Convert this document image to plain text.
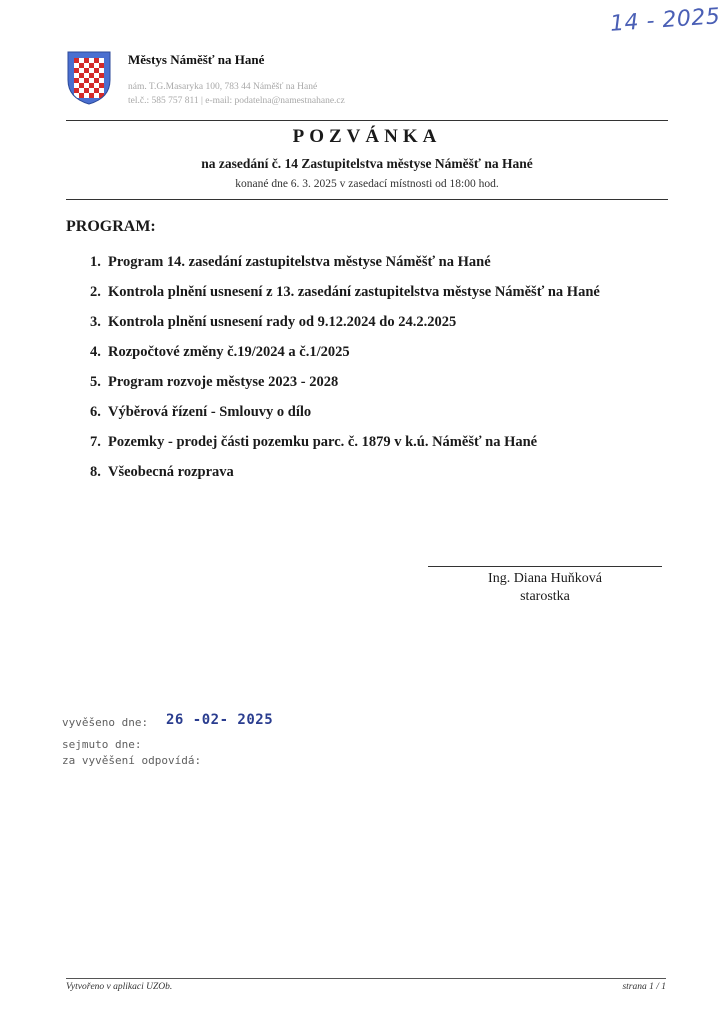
14 - 2025
Městys Náměšť na Hané
nám. T.G.Masaryka 100, 783 44 Náměšť na Hané
tel.č.: 585 757 811 | e-mail: podatelna@namestnahane.cz
POZVÁNKA
na zasedání č. 14 Zastupitelstva městyse Náměšť na Hané
konané dne 6. 3. 2025 v zasedací místnosti od 18:00 hod.
PROGRAM:
1. Program 14. zasedání zastupitelstva městyse Náměšť na Hané
2. Kontrola plnění usnesení z 13. zasedání zastupitelstva městyse Náměšť na Hané
3. Kontrola plnění usnesení rady od 9.12.2024 do 24.2.2025
4. Rozpočtové změny č.19/2024 a č.1/2025
5. Program rozvoje městyse 2023 - 2028
6. Výběrová řízení - Smlouvy o dílo
7. Pozemky - prodej části pozemku parc. č. 1879 v k.ú. Náměšť na Hané
8. Všeobecná rozprava
Ing. Diana Huňková
starostka
vyvěšeno dne: 26 -02- 2025
sejmuto dne:
za vyvěšení odpovídá:
Vytvořeno v aplikaci UZOb.	strana 1 / 1
